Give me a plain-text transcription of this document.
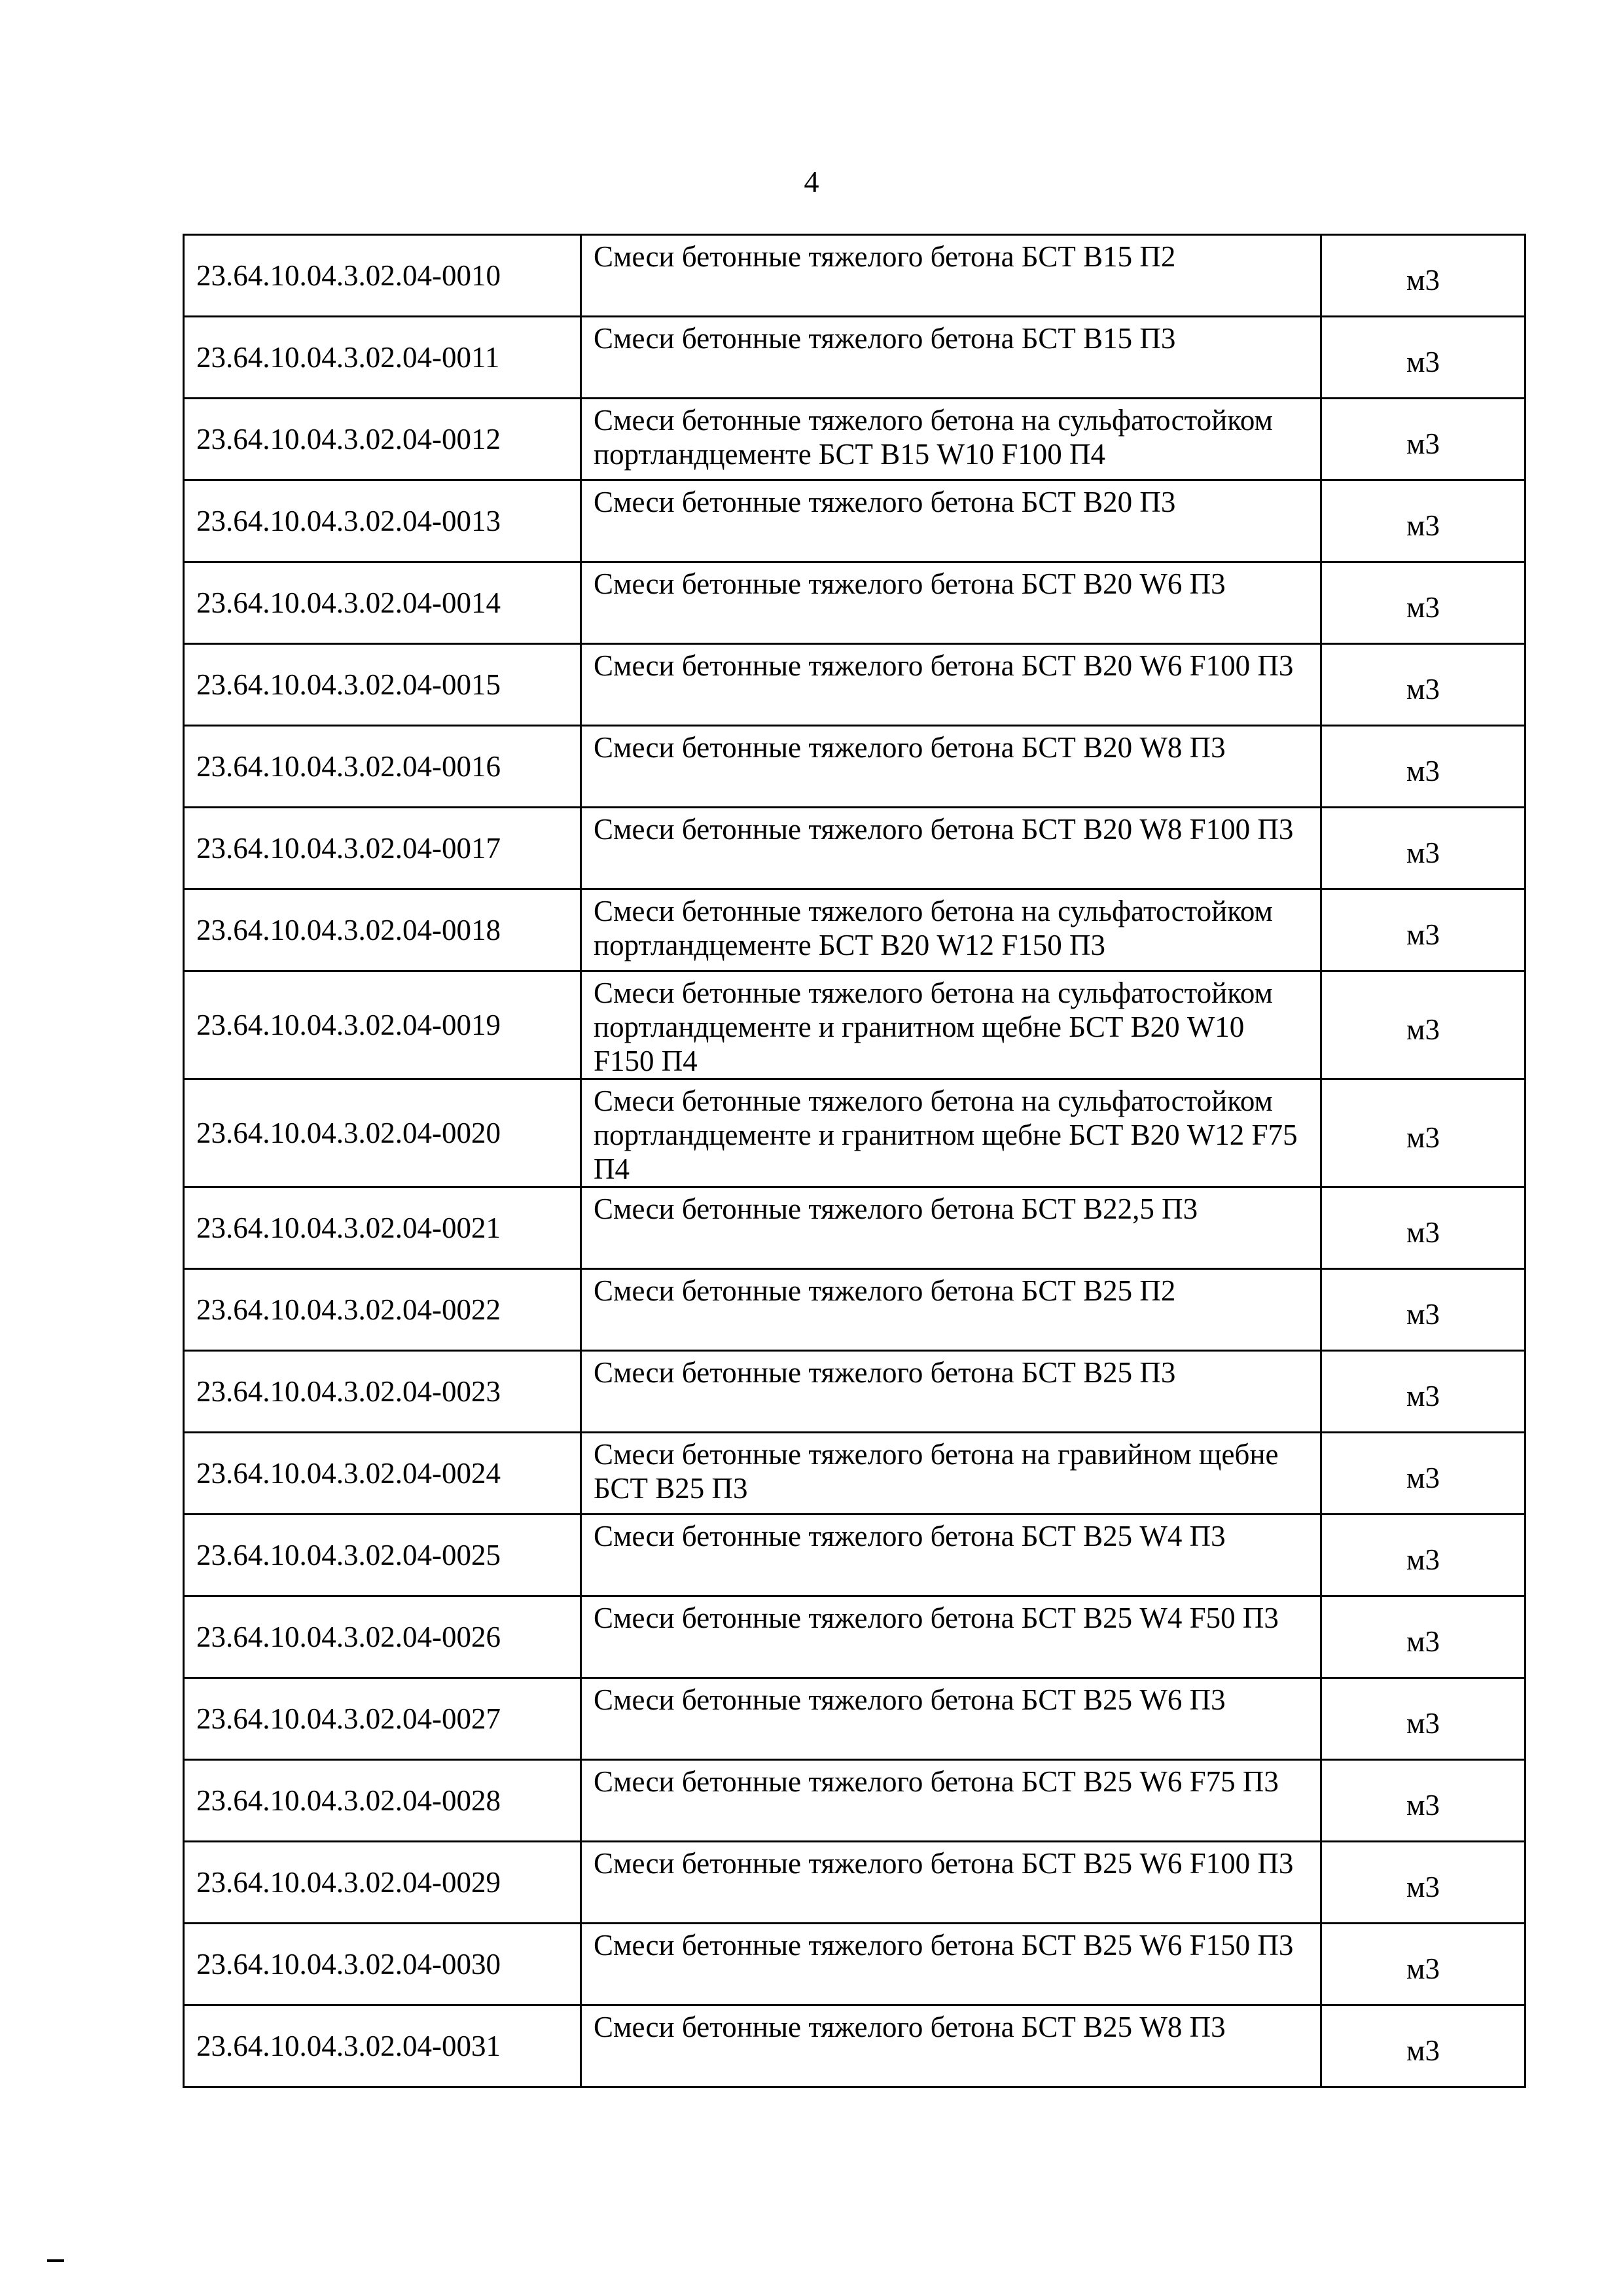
4
23.64.10.04.3.02.04-0010	Смеси бетонные тяжелого бетона БСТ В15 П2	м3
23.64.10.04.3.02.04-0011	Смеси бетонные тяжелого бетона БСТ В15 П3	м3
23.64.10.04.3.02.04-0012	Смеси бетонные тяжелого бетона на сульфатостойком портландцементе БСТ В15 W10 F100 П4	м3
23.64.10.04.3.02.04-0013	Смеси бетонные тяжелого бетона БСТ В20 П3	м3
23.64.10.04.3.02.04-0014	Смеси бетонные тяжелого бетона БСТ В20 W6 П3	м3
23.64.10.04.3.02.04-0015	Смеси бетонные тяжелого бетона БСТ В20 W6 F100 П3	м3
23.64.10.04.3.02.04-0016	Смеси бетонные тяжелого бетона БСТ В20 W8 П3	м3
23.64.10.04.3.02.04-0017	Смеси бетонные тяжелого бетона БСТ В20 W8 F100 П3	м3
23.64.10.04.3.02.04-0018	Смеси бетонные тяжелого бетона на сульфатостойком портландцементе БСТ В20 W12 F150 П3	м3
23.64.10.04.3.02.04-0019	Смеси бетонные тяжелого бетона на сульфатостойком портландцементе и гранитном щебне БСТ В20 W10 F150 П4	м3
23.64.10.04.3.02.04-0020	Смеси бетонные тяжелого бетона на сульфатостойком портландцементе и гранитном щебне БСТ В20 W12 F75 П4	м3
23.64.10.04.3.02.04-0021	Смеси бетонные тяжелого бетона БСТ В22,5 П3	м3
23.64.10.04.3.02.04-0022	Смеси бетонные тяжелого бетона БСТ В25 П2	м3
23.64.10.04.3.02.04-0023	Смеси бетонные тяжелого бетона БСТ В25 П3	м3
23.64.10.04.3.02.04-0024	Смеси бетонные тяжелого бетона на гравийном щебне БСТ В25 П3	м3
23.64.10.04.3.02.04-0025	Смеси бетонные тяжелого бетона БСТ В25 W4 П3	м3
23.64.10.04.3.02.04-0026	Смеси бетонные тяжелого бетона БСТ В25 W4 F50 П3	м3
23.64.10.04.3.02.04-0027	Смеси бетонные тяжелого бетона БСТ В25 W6 П3	м3
23.64.10.04.3.02.04-0028	Смеси бетонные тяжелого бетона БСТ В25 W6 F75 П3	м3
23.64.10.04.3.02.04-0029	Смеси бетонные тяжелого бетона БСТ В25 W6 F100 П3	м3
23.64.10.04.3.02.04-0030	Смеси бетонные тяжелого бетона БСТ В25 W6 F150 П3	м3
23.64.10.04.3.02.04-0031	Смеси бетонные тяжелого бетона БСТ В25 W8 П3	м3
